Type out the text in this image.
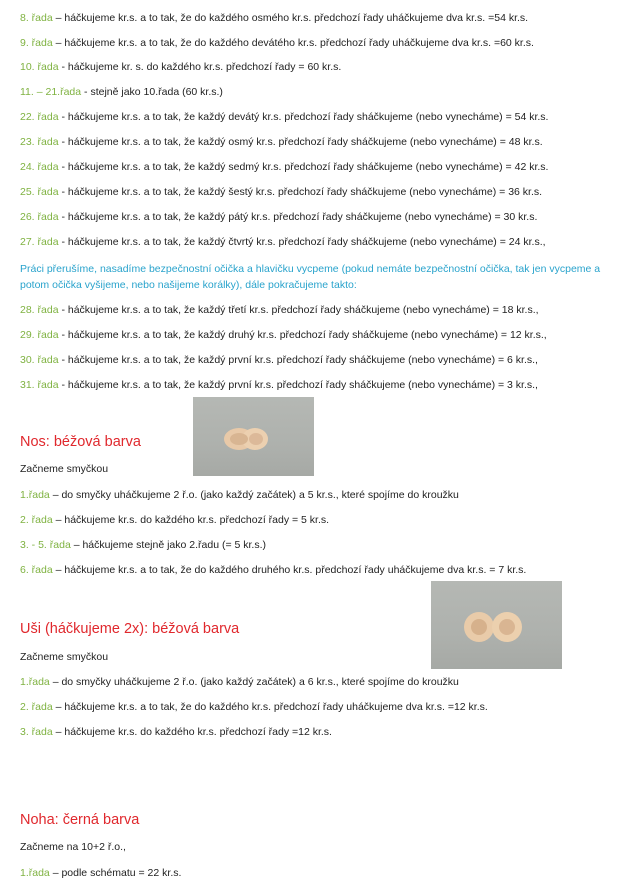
8. řada – háčkujeme kr.s. a to tak, že do každého osmého kr.s. předchozí řady uháčkujeme dva kr.s. =54 kr.s.
9. řada – háčkujeme kr.s. a to tak, že do každého devátého kr.s. předchozí řady uháčkujeme dva kr.s. =60 kr.s.
10. řada - háčkujeme kr. s. do každého kr.s. předchozí řady = 60 kr.s.
11. – 21.řada - stejně jako 10.řada (60 kr.s.)
22. řada - háčkujeme kr.s. a to tak, že každý devátý kr.s. předchozí řady sháčkujeme (nebo vynecháme) = 54 kr.s.
23. řada - háčkujeme kr.s. a to tak, že každý osmý kr.s. předchozí řady sháčkujeme (nebo vynecháme) = 48 kr.s.
24. řada - háčkujeme kr.s. a to tak, že každý sedmý kr.s. předchozí řady sháčkujeme (nebo vynecháme) = 42 kr.s.
25. řada - háčkujeme kr.s. a to tak, že každý šestý kr.s. předchozí řady sháčkujeme (nebo vynecháme) = 36 kr.s.
26. řada - háčkujeme kr.s. a to tak, že každý pátý kr.s. předchozí řady sháčkujeme (nebo vynecháme) = 30 kr.s.
27. řada - háčkujeme kr.s. a to tak, že každý čtvrtý kr.s. předchozí řady sháčkujeme (nebo vynecháme) = 24 kr.s.,
Práci přerušíme, nasadíme bezpečnostní očička a hlavičku vycpeme (pokud nemáte bezpečnostní očička, tak jen vycpeme a potom očička vyšijeme, nebo našijeme korálky), dále pokračujeme takto:
28. řada - háčkujeme kr.s. a to tak, že každý třetí kr.s. předchozí řady sháčkujeme (nebo vynecháme) = 18 kr.s.,
29. řada - háčkujeme kr.s. a to tak, že každý druhý kr.s. předchozí řady sháčkujeme (nebo vynecháme) = 12 kr.s.,
30. řada - háčkujeme kr.s. a to tak, že každý první kr.s. předchozí řady sháčkujeme (nebo vynecháme) = 6 kr.s.,
31. řada - háčkujeme kr.s. a to tak, že každý první kr.s. předchozí řady sháčkujeme (nebo vynecháme) = 3 kr.s.,
Nos: béžová barva
Začneme smyčkou
1.řada – do smyčky uháčkujeme 2 ř.o. (jako každý začátek) a 5 kr.s., které spojíme do kroužku
2. řada – háčkujeme kr.s. do každého kr.s. předchozí řady = 5 kr.s.
3. - 5. řada – háčkujeme stejně jako 2.řadu (= 5 kr.s.)
6. řada – háčkujeme kr.s. a to tak, že do každého druhého kr.s. předchozí řady uháčkujeme dva kr.s. = 7 kr.s.
Uši (háčkujeme 2x): béžová barva
Začneme smyčkou
1.řada – do smyčky uháčkujeme 2 ř.o. (jako každý začátek) a 6 kr.s., které spojíme do kroužku
2. řada – háčkujeme kr.s. a to tak, že do každého kr.s. předchozí řady uháčkujeme dva kr.s. =12 kr.s.
3. řada – háčkujeme kr.s. do každého kr.s. předchozí řady =12 kr.s.
Noha: černá barva
Začneme na 10+2 ř.o.,
1.řada – podle schématu = 22 kr.s.
